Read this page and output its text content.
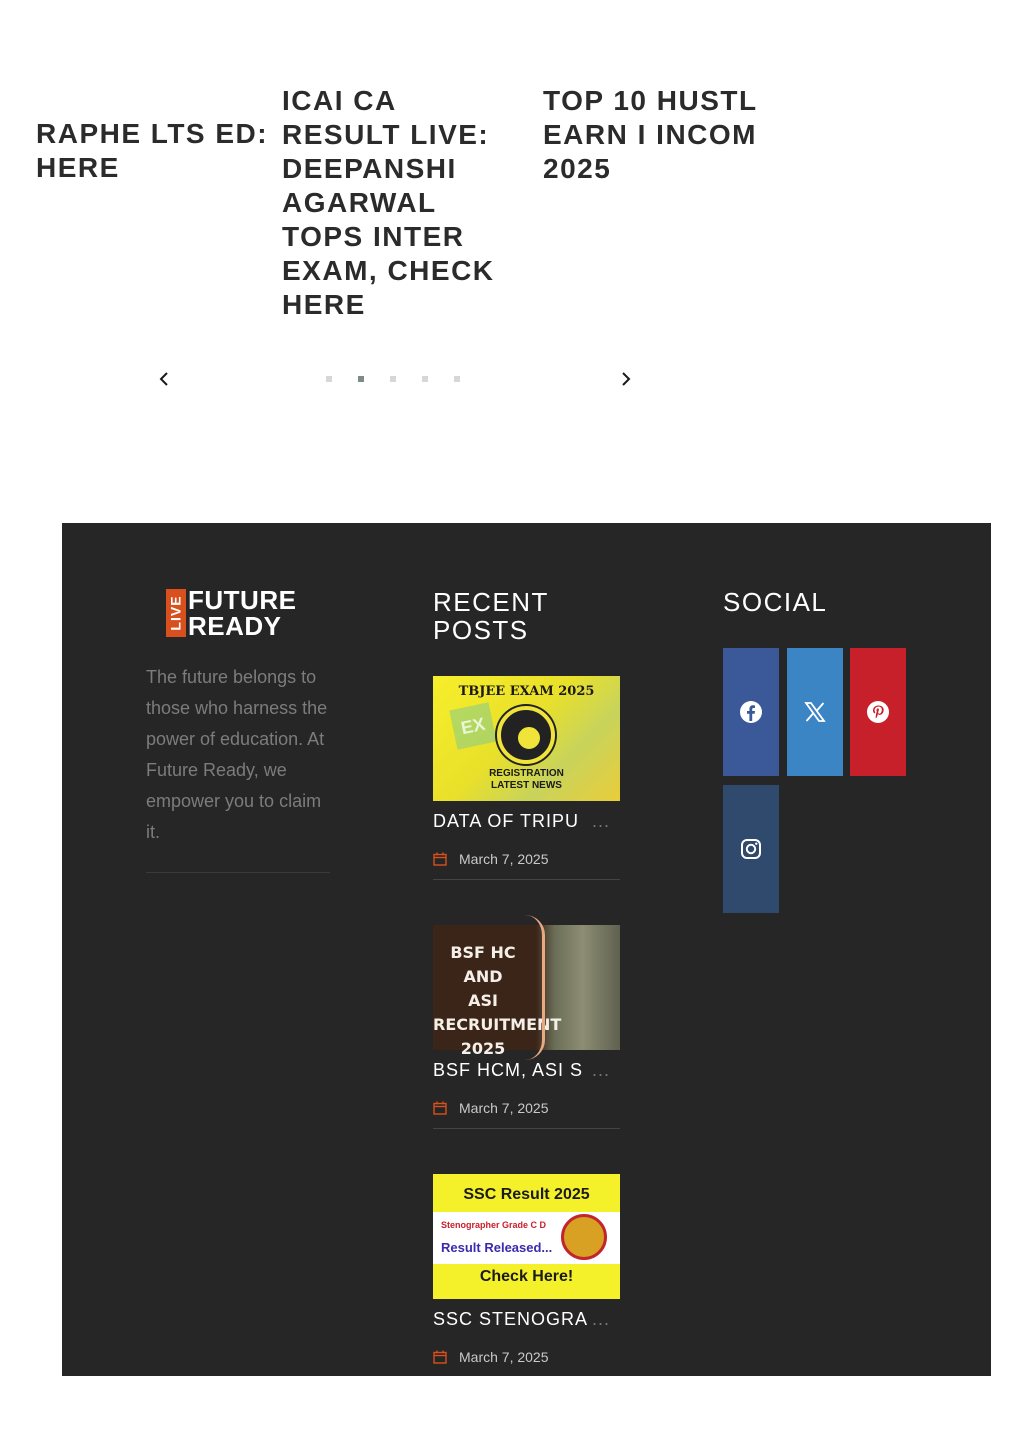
RAPHE LTS ED: HERE
ICAI CA RESULT LIVE: DEEPANSHI AGARWAL TOPS INTER EXAM, CHECK HERE
TOP 10 HUSTL EARN I INCOM 2025
LIVE FUTURE
READY

The future belongs to those who harness the power of education. At Future Ready, we empower you to claim it.

RECENT POSTS
TBJEE EXAM 2025
EX
REGISTRATION
LATEST NEWS
DATA OF TRIPU ...
March 7, 2025
BSF HC AND
ASI
RECRUITMENT
2025
BSF HCM, ASI S ...
March 7, 2025
SSC Result 2025
Stenographer Grade C D
Result Released...
Check Here!
SSC STENOGRA ...
March 7, 2025
SOCIAL
